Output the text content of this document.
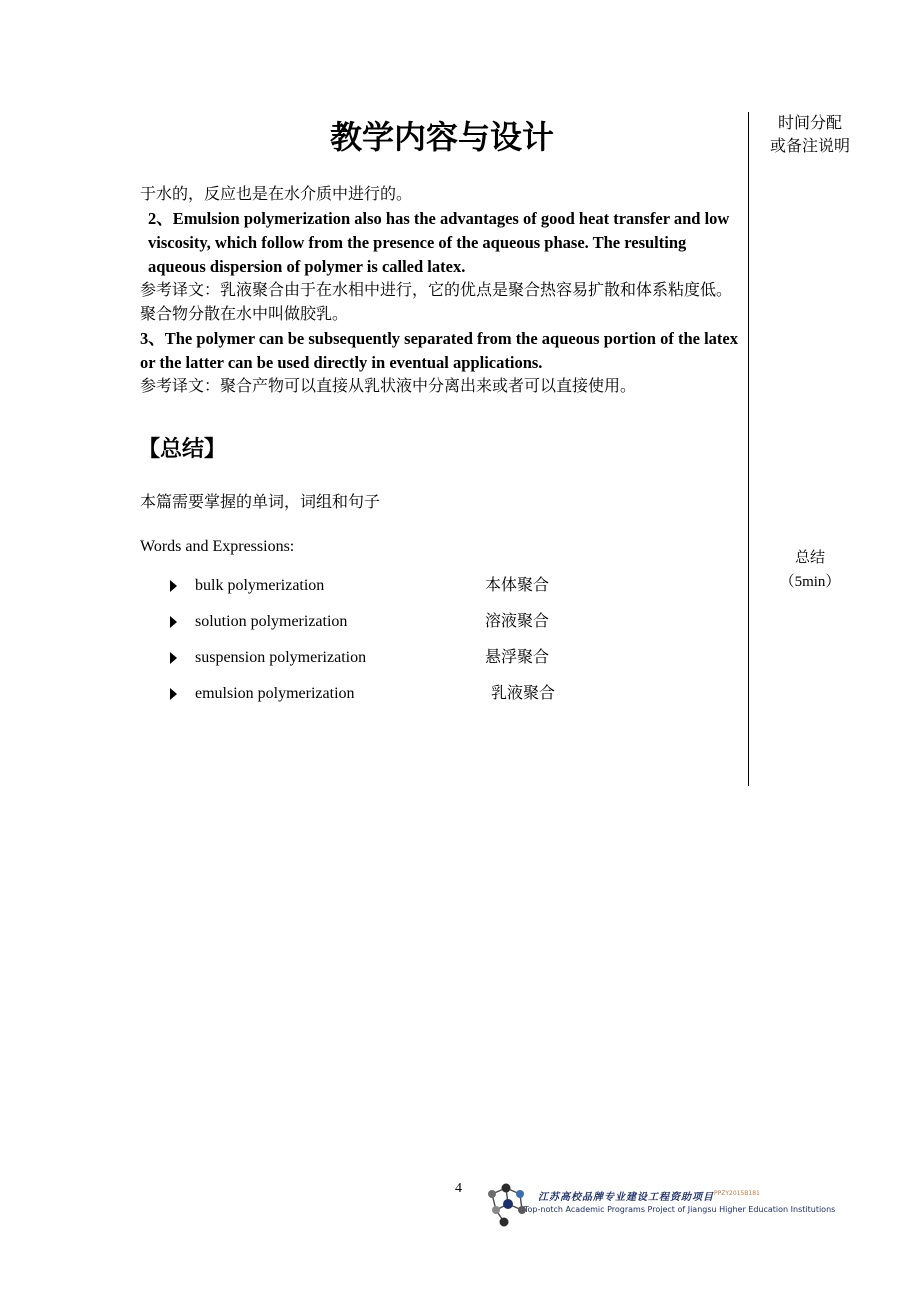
教学内容与设计	时间分配
或备注说明

于水的，反应也是在水介质中进行的。

2、Emulsion polymerization also has the advantages of good heat transfer and low viscosity, which follow from the presence of the aqueous phase. The resulting aqueous dispersion of polymer is called latex.

参考译文：乳液聚合由于在水相中进行，它的优点是聚合热容易扩散和体系粘度低。聚合物分散在水中叫做胶乳。

3、The polymer can be subsequently separated from the aqueous portion of the latex or the latter can be used directly in eventual applications.

参考译文：聚合产物可以直接从乳状液中分离出来或者可以直接使用。

【总结】
本篇需要掌握的单词，词组和句子
Words and Expressions:
bulk polymerization	本体聚合
solution polymerization	溶液聚合
suspension polymerization	悬浮聚合
emulsion polymerization	乳液聚合
总结
（5min）
4
江苏高校品牌专业建设工程资助项目 PPZY2015B181
Top-notch Academic Programs Project of Jiangsu Higher Education Institutions
